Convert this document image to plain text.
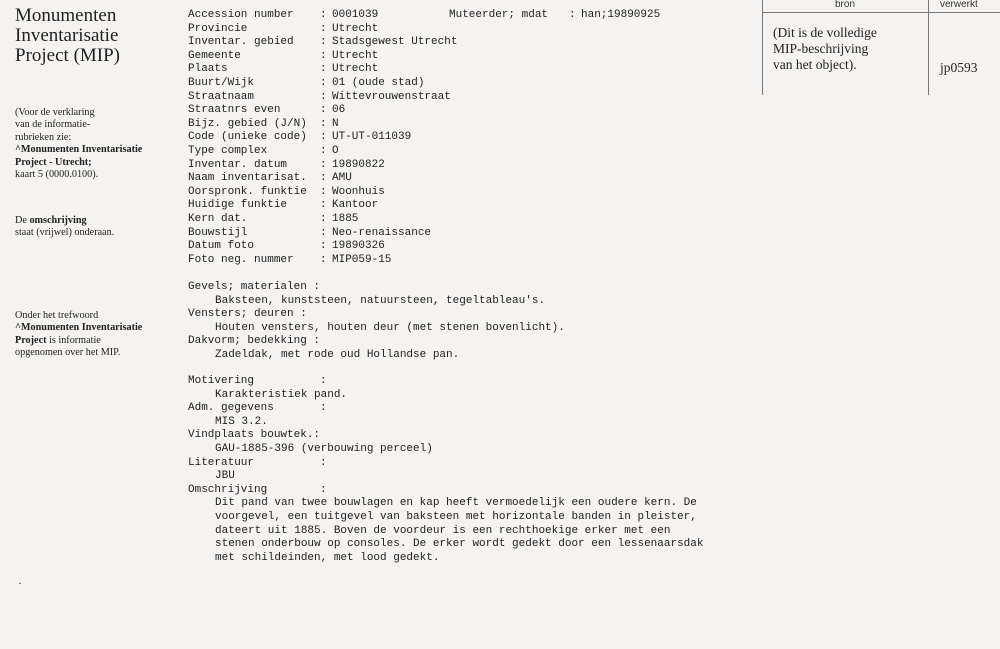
Monumenten
Inventarisatie
Project (MIP)
(Voor de verklaring
van de informatie-
rubrieken zie:
^Monumenten Inventarisatie
Project - Utrecht;
kaart 5 (0000.0100).
De omschrijving
staat (vrijwel) onderaan.
Onder het trefwoord
^Monumenten Inventarisatie
Project is informatie
opgenomen over het MIP.
·
Accession number : 0001039
Provincie	: Utrecht
Inventar. gebied : Stadsgewest Utrecht
Gemeente	: Utrecht
Plaats	: Utrecht
Buurt/Wijk	: 01 (oude stad)
Straatnaam	: Wittevrouwenstraat
Straatnrs even	: 06
Bijz. gebied (J/N) : N
Code (unieke code) : UT-UT-011039
Type complex	: O
Inventar. datum	: 19890822
Naam inventarisat. : AMU
Oorspronk. funktie : Woonhuis
Huidige funktie	: Kantoor
Kern dat.	: 1885
Bouwstijl	: Neo-renaissance
Datum foto	: 19890326
Foto neg. nummer : MIP059-15
Muteerder; mdat : han;19890925
Gevels; materialen :
Baksteen, kunststeen, natuursteen, tegeltableau's.
Vensters; deuren :
Houten vensters, houten deur (met stenen bovenlicht).
Dakvorm; bedekking :
Zadeldak, met rode oud Hollandse pan.
Motivering	:
Karakteristiek pand.
Adm. gegevens	:
MIS 3.2.
Vindplaats bouwtek.:
GAU-1885-396 (verbouwing perceel)
Literatuur	:
JBU
Omschrijving	:
Dit pand van twee bouwlagen en kap heeft vermoedelijk een oudere kern. De
voorgevel, een tuitgevel van baksteen met horizontale banden in pleister,
dateert uit 1885. Boven de voordeur is een rechthoekige erker met een
stenen onderbouw op consoles. De erker wordt gedekt door een lessenaarsdak
met schildeinden, met lood gedekt.
bron	verwerkt
(Dit is de volledige
MIP-beschrijving
van het object).	jp0593
